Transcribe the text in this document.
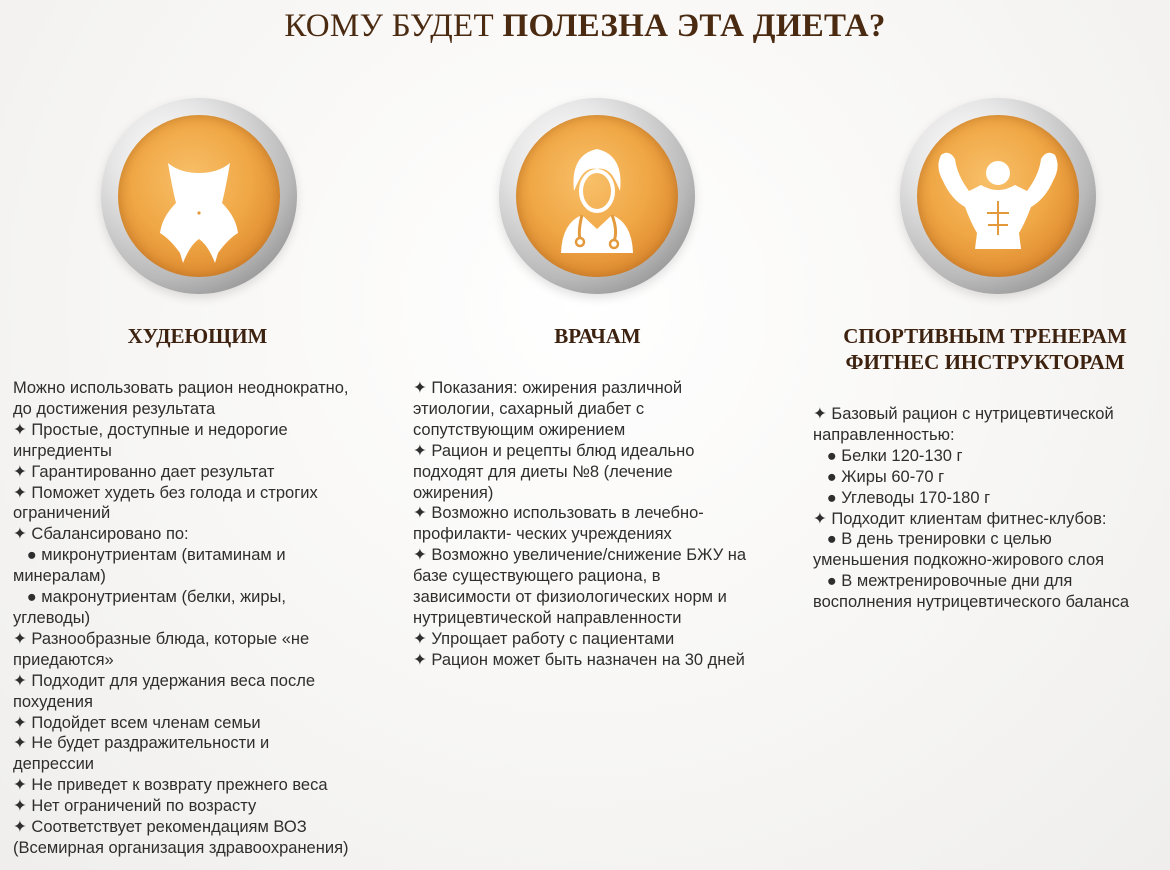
КОМУ БУДЕТ ПОЛЕЗНА ЭТА ДИЕТА?
ХУДЕЮЩИМ
Можно использовать рацион неоднократно,
до достижения результата
✦ Простые, доступные и недорогие
ингредиенты
✦ Гарантированно дает результат
✦ Поможет худеть без голода и строгих
ограничений
✦ Сбалансировано по:
● микронутриентам (витаминам и
минералам)
● макронутриентам (белки, жиры,
углеводы)
✦ Разнообразные блюда, которые «не
приедаются»
✦ Подходит для удержания веса после
похудения
✦ Подойдет всем членам семьи
✦ Не будет раздражительности и
депрессии
✦ Не приведет к возврату прежнего веса
✦ Нет ограничений по возрасту
✦ Соответствует рекомендациям ВОЗ
(Всемирная организация здравоохранения)
ВРАЧАМ
✦ Показания: ожирения различной
этиологии, сахарный диабет с
сопутствующим ожирением
✦ Рацион и рецепты блюд идеально
подходят для диеты №8 (лечение
ожирения)
✦ Возможно использовать в лечебно-
профилакти- ческих учреждениях
✦ Возможно увеличение/снижение БЖУ на
базе существующего рациона, в
зависимости от физиологических норм и
нутрицевтической направленности
✦ Упрощает работу с пациентами
✦ Рацион может быть назначен на 30 дней
СПОРТИВНЫМ ТРЕНЕРАМ
ФИТНЕС ИНСТРУКТОРАМ
✦ Базовый рацион с нутрицевтической
направленностью:
● Белки 120-130 г
● Жиры 60-70 г
● Углеводы 170-180 г
✦ Подходит клиентам фитнес-клубов:
● В день тренировки с целью
уменьшения подкожно-жирового слоя
● В межтренировочные дни для
восполнения нутрицевтического баланса
